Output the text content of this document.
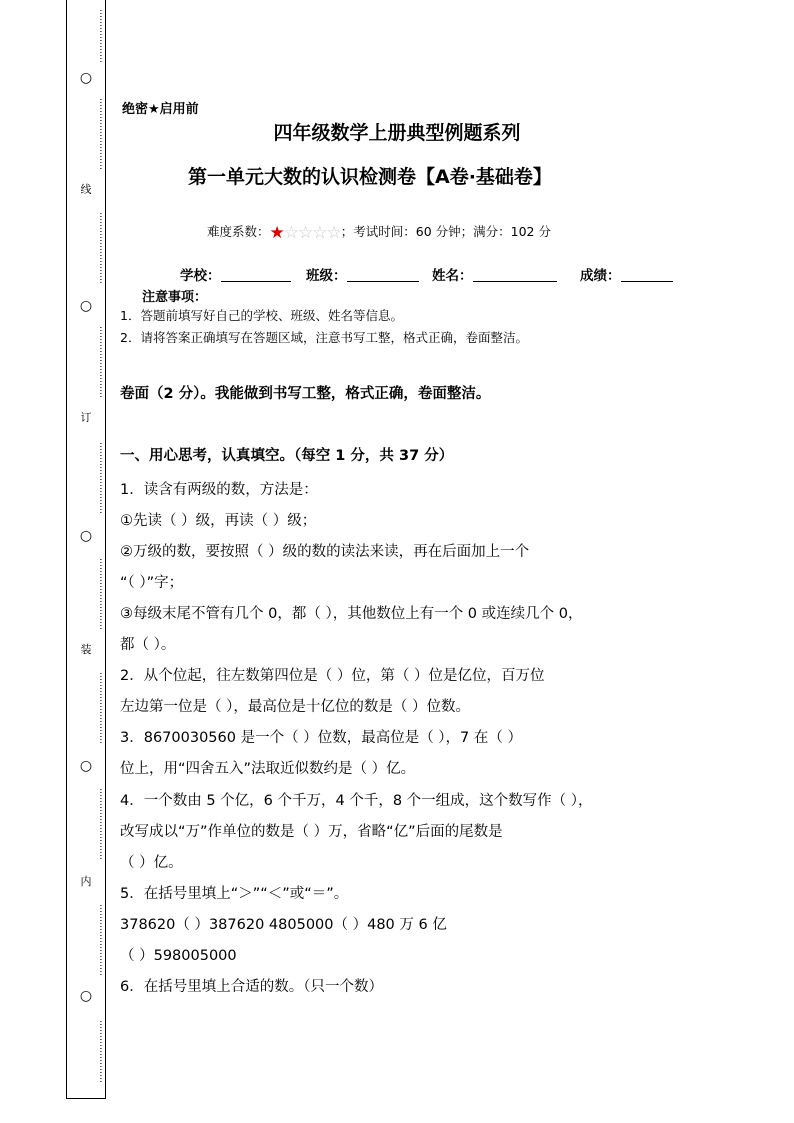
⋯⋯⋯⋯⋯⋯
○
⋯⋯⋯⋯⋯⋯⋯⋯
线
⋯⋯⋯⋯⋯⋯⋯⋯
○
⋯⋯⋯⋯⋯⋯⋯⋯
订
⋯⋯⋯⋯⋯⋯⋯⋯
○
⋯⋯⋯⋯⋯⋯⋯⋯
装
⋯⋯⋯⋯⋯⋯⋯⋯
○
⋯⋯⋯⋯⋯⋯⋯⋯
内
⋯⋯⋯⋯⋯⋯⋯⋯
○
⋯⋯⋯⋯⋯⋯⋯
绝密★启用前
四年级数学上册典型例题系列
第一单元大数的认识检测卷【A卷·基础卷】
难度系数：★☆☆☆☆；考试时间：60 分钟；满分：102 分
学校：	班级：	姓名：	成绩：
注意事项：
1．答题前填写好自己的学校、班级、姓名等信息。
2．请将答案正确填写在答题区域，注意书写工整，格式正确，卷面整洁。
卷面（2 分）。我能做到书写工整，格式正确，卷面整洁。
一、用心思考，认真填空。（每空 1 分，共 37 分）
1．读含有两级的数，方法是：
①先读（ ）级，再读（ ）级；
②万级的数，要按照（ ）级的数的读法来读，再在后面加上一个
“（ ）”字；
③每级末尾不管有几个 0，都（ ），其他数位上有一个 0 或连续几个 0，
都（ ）。
2．从个位起，往左数第四位是（ ）位，第（ ）位是亿位，百万位
左边第一位是（ ），最高位是十亿位的数是（ ）位数。
3．8670030560 是一个（ ）位数，最高位是（ ），7 在（ ）
位上，用“四舍五入”法取近似数约是（ ）亿。
4．一个数由 5 个亿，6 个千万，4 个千，8 个一组成，这个数写作（ ），
改写成以“万”作单位的数是（ ）万，省略“亿”后面的尾数是
（ ）亿。
5．在括号里填上“＞”“＜”或“＝”。
378620（ ）387620 4805000（ ）480 万 6 亿
（ ）598005000
6．在括号里填上合适的数。（只一个数）
